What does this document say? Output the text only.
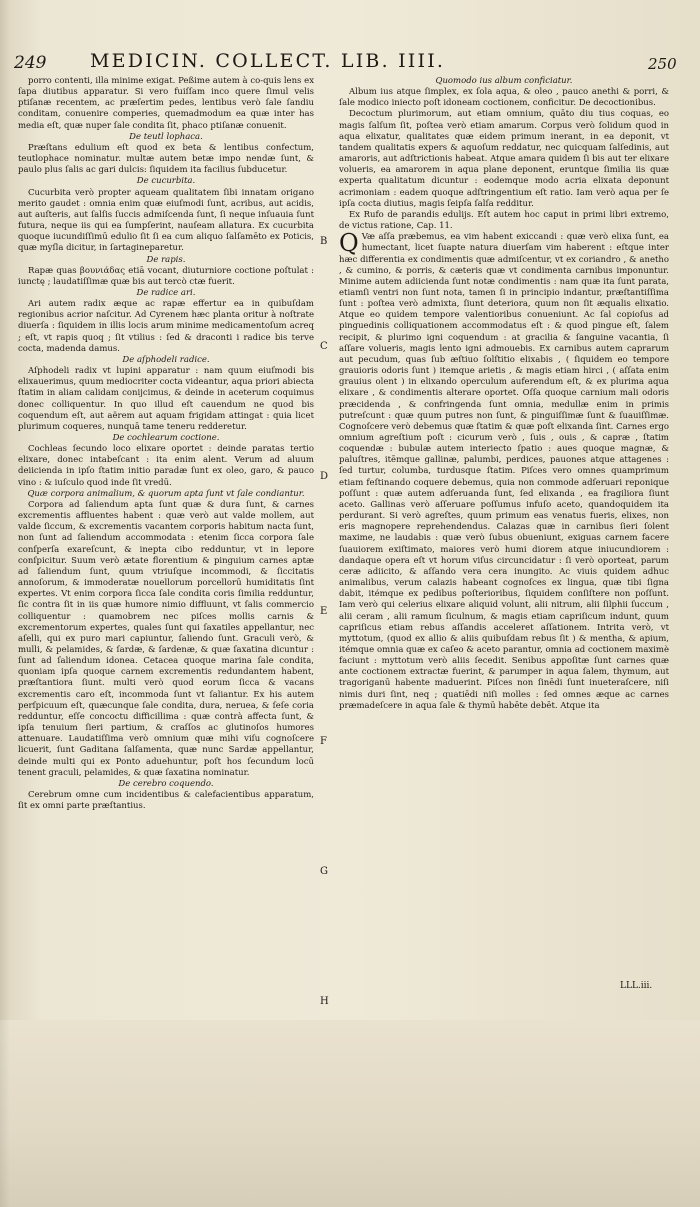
249 MEDICIN. COLLECT. LIB. IIII.	250

porro contenti, illa minime exigat. Peßime autem à co-quis lens ex ſapa diutibus apparatur. Si vero fuiſſam inco quere ſimul velis ptiſanæ recentem, ac præſertim pedes, lentibus verò ſale ſandiu conditam, conuenire comperies, quemadmodum ea quæ inter has media eſt, quæ nuper ſale condita ſit, phaco ptiſanæ conuenit.

De teutl lophaca.

Præſtans edulium eſt quod ex beta & lentibus confectum, teutlophace nominatur. multæ autem betæ impo nendæ ſunt, & paulo plus ſalis ac gari dulcis: ſiquidem ita facilius ſubducetur.

De cucurbita.

Cucurbita verò propter aqueam qualitatem ſibi innatam origano merito gaudet : omnia enim quæ eiuſmodi ſunt, acribus, aut acidis, aut auſteris, aut ſalſis ſuccis admiſcenda ſunt, ſi neque inſuauia ſunt futura, neque iis qui ea ſumpſerint, nauſeam allatura. Ex cucurbita quoque iucundiſſimū edulio ſit ſi ea cum aliquo ſalſamēto ex Poticis, quæ myſla dicitur, in ſartagineparetur.

De rapis.

Rapæ quas βουνιάδας etiā vocant, diuturniore coctione poſtulat : iunctę ; laudatiſſimæ quæ bis aut tercò ctæ fuerit.

De radice ari.

Ari autem radix æque ac rapæ effertur ea in quibuſdam regionibus acrior naſcitur. Ad Cyrenem hæc planta oritur à noſtrate diuerſa : ſiquidem in illis locis arum minime medicamentoſum acreq ; eſt, vt rapis quoq ; ſit vtilius : ſed & draconti i radice bis terve cocta, madenda damus.

De aſphodeli radice.

Aſphodeli radix vt lupini apparatur : nam quum eiuſmodi bis elixauerimus, quum mediocriter cocta videantur, aqua priori abiecta ſtatim in aliam calidam conijcimus, & deinde in aceterum coquimus donec colliquentur. In quo illud eſt cauendum ne quod bis coquendum eſt, aut aërem aut aquam frigidam attingat : quia licet plurimum coqueres, nunquā tame teneru redderetur.

De cochlearum coctione.

Cochleas ſecundo loco elixare oportet : deinde paratas tertio elixare, donec intabeſcant : ita enim alent. Verum ad aluum deiicienda in ipſo ſtatim initio paradæ ſunt ex oleo, garo, & pauco vino : & iuſculo quod inde ſit vredū.

Quæ corpora animalium, & quorum apta ſunt vt ſale condiantur.

Corpora ad ſaliendum apta ſunt quæ & dura ſunt, & carnes excrementis affluentes habent : quæ verò aut valde mollem, aut valde ſiccum, & excrementis vacantem corporis habitum nacta ſunt, non ſunt ad ſaliendum accommodata : etenim ſicca corpora ſale conſperſa exareſcunt, & inepta cibo redduntur, vt in lepore conſpicitur. Suum verò ætate florentium & pinguium carnes aptæ ad ſaliendum ſunt, quum vtriuſque incommodi, & ſiccitatis annoſorum, & immoderatæ nouellorum porcellorū humiditatis ſint expertes. Vt enim corpora ſicca ſale condita coris ſimilia redduntur, ſic contra ſit in iis quæ humore nimio diffluunt, vt ſalis commercio colliquentur : quamobrem nec piſces mollis carnis & excrementorum expertes, quales ſunt qui ſaxatiles appellantur, nec aſelli, qui ex puro mari capiuntur, ſaliendo ſunt. Graculi verò, & mulli, & pelamides, & ſardæ, & ſardenæ, & quæ ſaxatina dicuntur : ſunt ad ſaliendum idonea. Cetacea quoque marina ſale condita, quoniam ipſa quoque carnem excrementis redundantem habent, præſtantiora ſiunt. multi verò quod eorum ſicca & vacans excrementis caro eſt, incommoda ſunt vt ſaliantur. Ex his autem perſpicuum eſt, quæcunque ſale condita, dura, neruea, & ſeſe coria redduntur, eſſe concoctu difficillima : quæ contrà affecta ſunt, & ipſa tenuium ſieri partium, & craſſos ac glutinoſos humores attenuare. Laudatiſſima verò omnium quæ mihi viſu cognoſcere licuerit, ſunt Gaditana ſalſamenta, quæ nunc Sardæ appellantur, deinde multi qui ex Ponto aduehuntur, poſt hos ſecundum locū tenent graculi, pelamides, & quæ ſaxatina nominatur.

De cerebro coquendo.

Cerebrum omne cum incidentibus & calefacientibus apparatum, ſit ex omni parte præſtantius.

B
C
D
E
F
G
H

Quomodo ius album conficiatur.

Album ius atque ſimplex, ex ſola aqua, & oleo , pauco anethi & porri, & ſale modico iniecto poſt idoneam coctionem, conficitur. De decoctionibus.

Decoctum plurimorum, aut etiam omnium, quāto diu tius coquas, eo magis ſalſum ſit, poſtea verò etiam amarum. Corpus verò ſolidum quod in aqua elixatur, qualitates quæ eidem primum inerant, in ea deponit, vt tandem qualitatis expers & aquoſum reddatur, nec quicquam ſalſedinis, aut amaroris, aut adſtrictionis habeat. Atque amara quidem ſi bis aut ter elixare volueris, ea amarorem in aqua plane deponent, eruntque ſimilia iis quæ experta qualitatum dicuntur : eodemque modo acria elixata deponunt acrimoniam : eadem quoque adſtringentium eſt ratio. Iam verò aqua per ſe ipſa cocta diutius, magis ſeipſa ſalſa redditur.

Ex Rufo de parandis edulijs. Eſt autem hoc caput in primi libri extremo, de victus ratione, Cap. 11.

Q Væ aſſa præbemus, ea vim habent exiccandi : quæ verò elixa ſunt, ea humectant, licet ſuapte natura diuerſam vim haberent : eſtque inter hæc differentia ex condimentis quæ admiſcentur, vt ex coriandro , & anetho , & cumino, & porris, & cæteris quæ vt condimenta carnibus imponuntur. Minime autem adiicienda ſunt notæ condimentis : nam quæ ita ſunt parata, etiamſi ventri non ſunt nota, tamen ſi in principio indantur, præſtantiſſima ſunt : poſtea verò admixta, ſiunt deteriora, quum non ſit æqualis elixatio. Atque eo quidem tempore valentioribus conueniunt. Ac ſal copioſus ad pinguedinis colliquationem accommodatus eſt : & quod pingue eſt, ſalem recipit, & plurimo igni coquendum : at gracilia & ſanguine vacantia, ſi aſſare volueris, magis lento igni admouebis. Ex carnibus autem caprarum aut pecudum, quas ſub æſtiuo ſolſtitio elixabis , ( ſiquidem eo tempore grauioris odoris ſunt ) itemque arietis , & magis etiam hirci , ( aſſata enim grauius olent ) in elixando operculum auferendum eſt, & ex plurima aqua elixare , & condimentis alterare oportet. Oſſa quoque carnium mali odoris præcidenda , & confringenda ſunt omnia, medullæ enim in primis putreſcunt : quæ quum putres non ſunt, & pinguiſſimæ ſunt & ſuauiſſimæ. Cognoſcere verò debemus quæ ſtatim & quæ poſt elixanda ſint. Carnes ergo omnium agreſtium poſt : cicurum verò , ſuis , ouis , & capræ , ſtatim coquendæ : bubulæ autem interiecto ſpatio : aues quoque magnæ, & paluſtres, itēmque gallinæ, palumbi, perdices, pauones atque attagenes : ſed turtur, columba, turdusque ſtatim. Piſces vero omnes quamprimum etiam feſtinando coquere debemus, quia non commode adſeruari reponique poſſunt : quæ autem adſeruanda ſunt, ſed elixanda , ea fragiliora ſiunt aceto. Gallinas verò aſſeruare poſſumus infuſo aceto, quandoquidem ita perdurant. Si verò agreſtes, quum primum eas venatus fueris, elixes, non eris magnopere reprehendendus. Calazas quæ in carnibus ſieri ſolent maxime, ne laudabis : quæ verò ſubus obueniunt, exiguas carnem facere ſuauiorem exiſtimato, maiores verò humi diorem atque iniucundiorem : dandaque opera eſt vt horum viſus circuncidatur : ſi verò oporteat, parum ceræ adiicito, & aſſando vera cera inungito. Ac viuis quidem adhuc animalibus, verum calazis habeant cognoſces ex lingua, quæ tibi ſigna dabit, itémque ex pedibus poſterioribus, ſiquidem conſiſtere non poſſunt. Iam verò qui celerius elixare aliquid volunt, alii nitrum, alii ſilphii ſuccum , alii ceram , alii ramum ſiculnum, & magis etiam capriſicum indunt, quum capriſicus etiam rebus aſſandis acceleret aſſationem. Intrita verò, vt myttotum, (quod ex allio & aliis quibuſdam rebus ſit ) & mentha, & apium, itémque omnia quæ ex caſeo & aceto parantur, omnia ad coctionem maximè faciunt : myttotum verò aliis ſecedit. Senibus appoſitæ ſunt carnes quæ ante coctionem extractæ fuerint, & parumper in aqua ſalem, thymum, aut tragoriganū habente maduerint. Piſces non ſinēdi ſunt inueteraſcere, niſi nimis duri ſint, neq ; quatiēdi niſi molles : ſed omnes æque ac carnes præmadeſcere in aqua ſale & thymū habēte debēt. Atque ita

LLL.iii.
